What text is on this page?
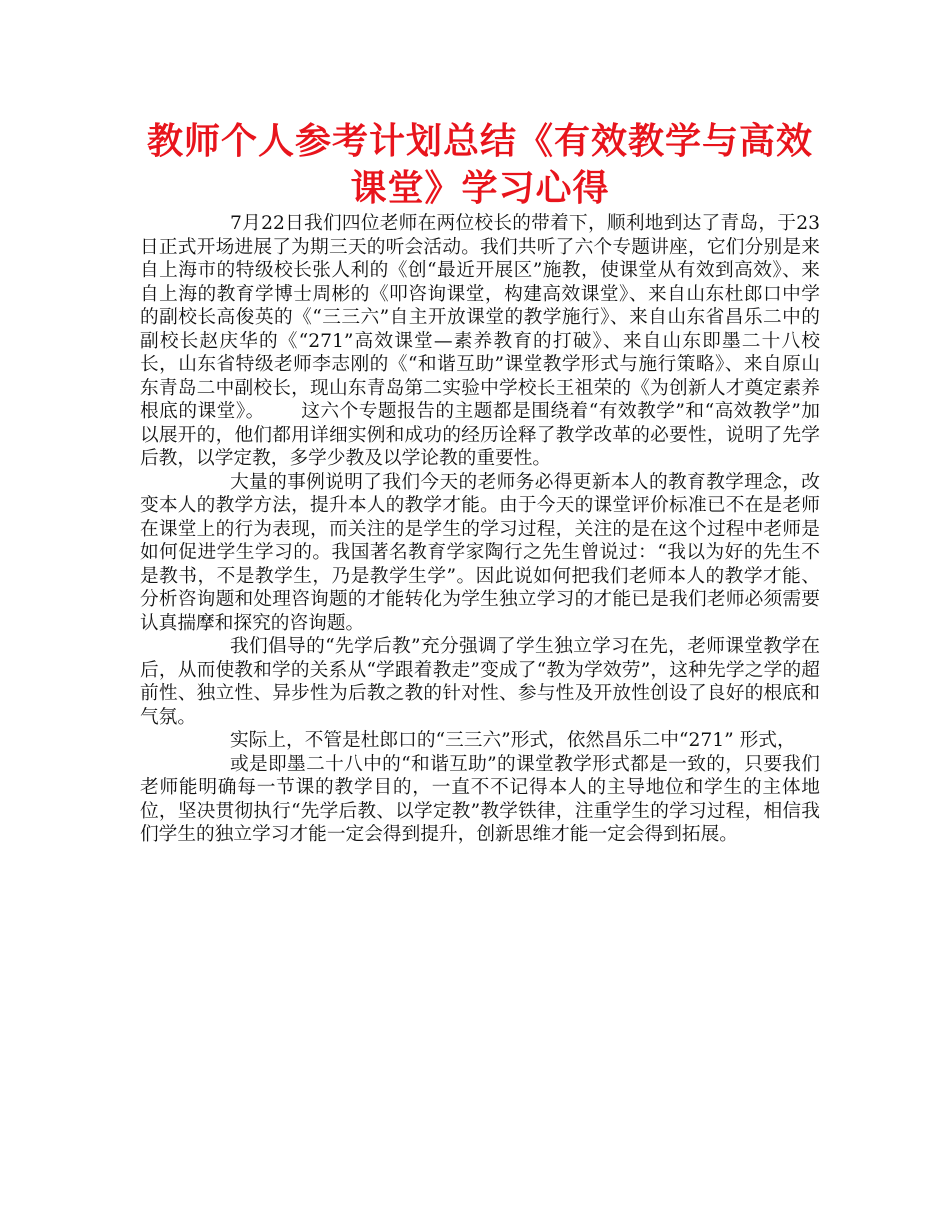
教师个人参考计划总结《有效教学与高效
课堂》学习心得

7月22日我们四位老师在两位校长的带着下，顺利地到达了青岛，于23日正式开场进展了为期三天的听会活动。我们共听了六个专题讲座，它们分别是来自上海市的特级校长张人利的《创“最近开展区”施教，使课堂从有效到高效》、来自上海的教育学博士周彬的《叩咨询课堂，构建高效课堂》、来自山东杜郎口中学的副校长高俊英的《“三三六”自主开放课堂的教学施行》、来自山东省昌乐二中的副校长赵庆华的《“271”高效课堂—素养教育的打破》、来自山东即墨二十八校长，山东省特级老师李志刚的《“和谐互助”课堂教学形式与施行策略》、来自原山东青岛二中副校长，现山东青岛第二实验中学校长王祖荣的《为创新人才奠定素养根底的课堂》。 这六个专题报告的主题都是围绕着“有效教学”和“高效教学”加以展开的，他们都用详细实例和成功的经历诠释了教学改革的必要性，说明了先学后教，以学定教，多学少教及以学论教的重要性。

大量的事例说明了我们今天的老师务必得更新本人的教育教学理念，改变本人的教学方法，提升本人的教学才能。由于今天的课堂评价标准已不在是老师在课堂上的行为表现，而关注的是学生的学习过程，关注的是在这个过程中老师是如何促进学生学习的。我国著名教育学家陶行之先生曾说过：“我以为好的先生不是教书，不是教学生，乃是教学生学”。因此说如何把我们老师本人的教学才能、分析咨询题和处理咨询题的才能转化为学生独立学习的才能已是我们老师必须需要认真揣摩和探究的咨询题。

我们倡导的“先学后教”充分强调了学生独立学习在先，老师课堂教学在后，从而使教和学的关系从“学跟着教走”变成了“教为学效劳”，这种先学之学的超前性、独立性、异步性为后教之教的针对性、参与性及开放性创设了良好的根底和气氛。

实际上，不管是杜郎口的“三三六”形式，依然昌乐二中“271” 形式，

或是即墨二十八中的“和谐互助”的课堂教学形式都是一致的，只要我们老师能明确每一节课的教学目的，一直不不记得本人的主导地位和学生的主体地位，坚决贯彻执行“先学后教、以学定教”教学铁律，注重学生的学习过程，相信我们学生的独立学习才能一定会得到提升，创新思维才能一定会得到拓展。
